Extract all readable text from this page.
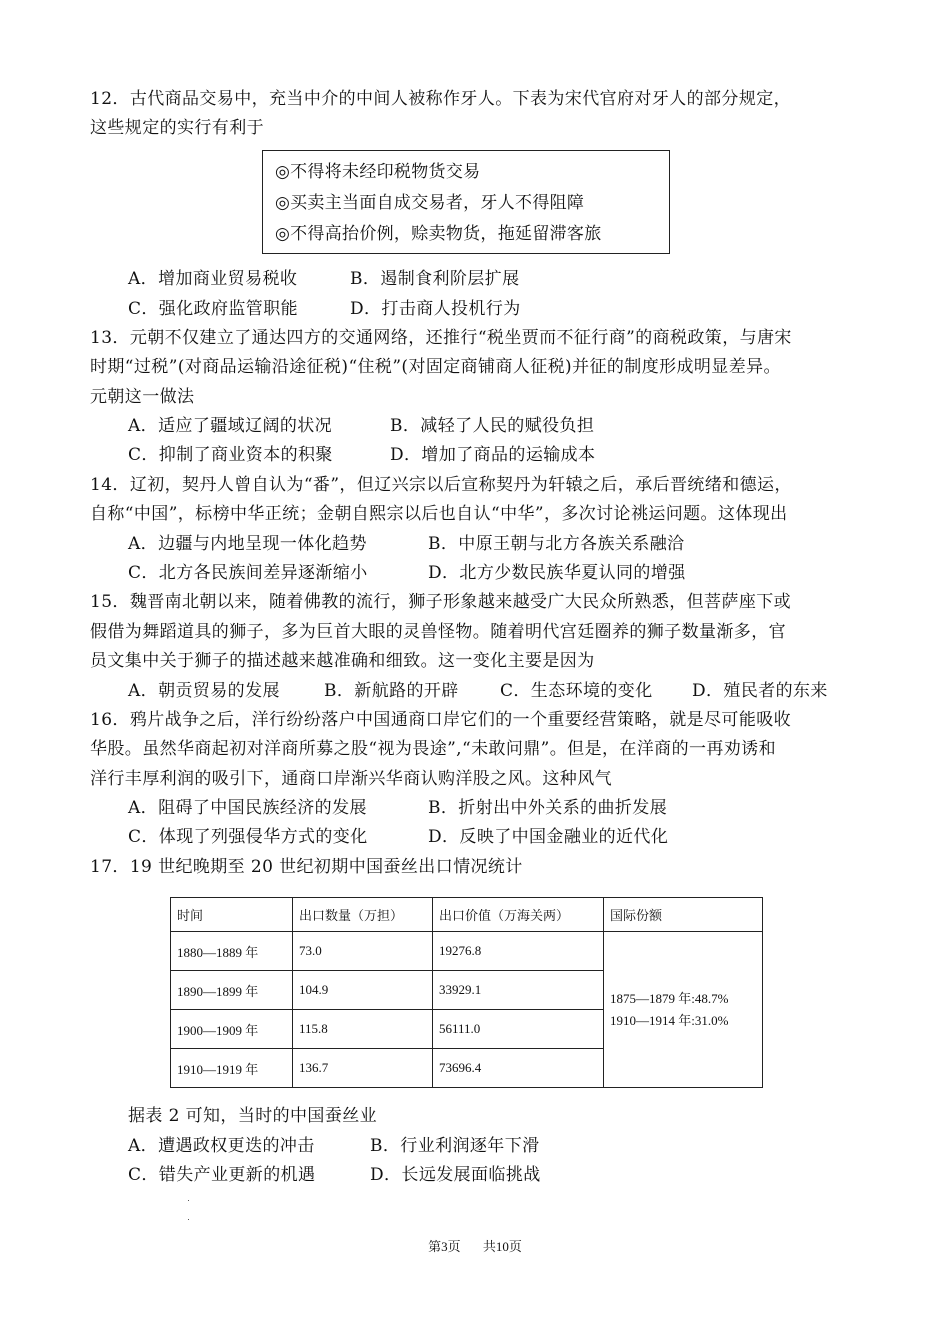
12．古代商品交易中，充当中介的中间人被称作牙人。下表为宋代官府对牙人的部分规定，
这些规定的实行有利于
◎不得将未经印税物货交易
◎买卖主当面自成交易者，牙人不得阻障
◎不得高抬价例，赊卖物货，拖延留滞客旅
A．增加商业贸易税收	B．遏制食利阶层扩展
C．强化政府监管职能	D．打击商人投机行为
13．元朝不仅建立了通达四方的交通网络，还推行“税坐贾而不征行商”的商税政策，与唐宋
时期“过税”(对商品运输沿途征税)“住税”(对固定商铺商人征税)并征的制度形成明显差异。
元朝这一做法
A．适应了疆域辽阔的状况	B．减轻了人民的赋役负担
C．抑制了商业资本的积聚	D．增加了商品的运输成本
14．辽初，契丹人曾自认为“番”，但辽兴宗以后宣称契丹为轩辕之后，承后晋统绪和德运，
自称“中国”，标榜中华正统；金朝自熙宗以后也自认“中华”，多次讨论祧运问题。这体现出
A．边疆与内地呈现一体化趋势	B．中原王朝与北方各族关系融洽
C．北方各民族间差异逐渐缩小	D．北方少数民族华夏认同的增强
15．魏晋南北朝以来，随着佛教的流行，狮子形象越来越受广大民众所熟悉，但菩萨座下或
假借为舞蹈道具的狮子，多为巨首大眼的灵兽怪物。随着明代宫廷圈养的狮子数量渐多，官
员文集中关于狮子的描述越来越准确和细致。这一变化主要是因为
A．朝贡贸易的发展	B．新航路的开辟 C．生态环境的变化 D．殖民者的东来
16．鸦片战争之后，洋行纷纷落户中国通商口岸它们的一个重要经营策略，就是尽可能吸收
华股。虽然华商起初对洋商所募之股“视为畏途”,“未敢问鼎”。但是，在洋商的一再劝诱和
洋行丰厚利润的吸引下，通商口岸渐兴华商认购洋股之风。这种风气
A．阻碍了中国民族经济的发展	B．折射出中外关系的曲折发展
C．体现了列强侵华方式的变化	D．反映了中国金融业的近代化
17．19 世纪晚期至 20 世纪初期中国蚕丝出口情况统计
时间	出口数量（万担）	出口价值（万海关两）	国际份额
1880—1889 年	73.0	19276.8	1875—1879 年:48.7%
1910—1914 年:31.0%

1890—1899 年	104.9	33929.1	
1900—1909 年	115.8	56111.0	
1910—1919 年	136.7	73696.4	
据表 2 可知，当时的中国蚕丝业
A．遭遇政权更迭的冲击	B．行业利润逐年下滑
C．错失产业更新的机遇	D．长远发展面临挑战
第3页　 共10页
